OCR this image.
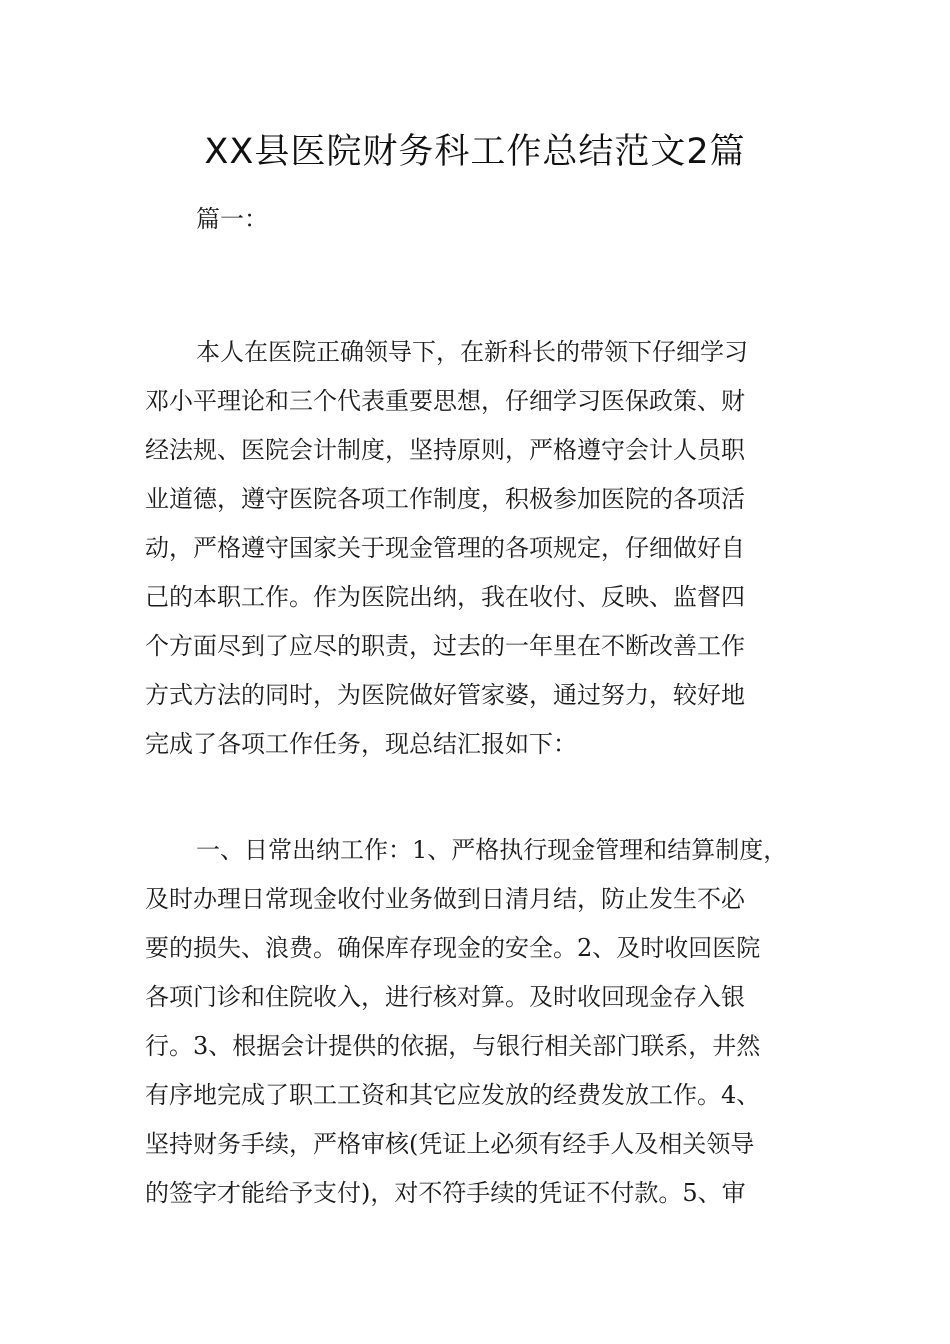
XX县医院财务科工作总结范文2篇
篇一：
本人在医院正确领导下，在新科长的带领下仔细学习
邓小平理论和三个代表重要思想，仔细学习医保政策、财
经法规、医院会计制度，坚持原则，严格遵守会计人员职
业道德，遵守医院各项工作制度，积极参加医院的各项活
动，严格遵守国家关于现金管理的各项规定，仔细做好自
己的本职工作。作为医院出纳，我在收付、反映、监督四
个方面尽到了应尽的职责，过去的一年里在不断改善工作
方式方法的同时，为医院做好管家婆，通过努力，较好地
完成了各项工作任务，现总结汇报如下：
一、日常出纳工作：1、严格执行现金管理和结算制度，
及时办理日常现金收付业务做到日清月结，防止发生不必
要的损失、浪费。确保库存现金的安全。2、及时收回医院
各项门诊和住院收入，进行核对算。及时收回现金存入银
行。3、根据会计提供的依据，与银行相关部门联系，井然
有序地完成了职工工资和其它应发放的经费发放工作。4、
坚持财务手续，严格审核(凭证上必须有经手人及相关领导
的签字才能给予支付)，对不符手续的凭证不付款。5、审
